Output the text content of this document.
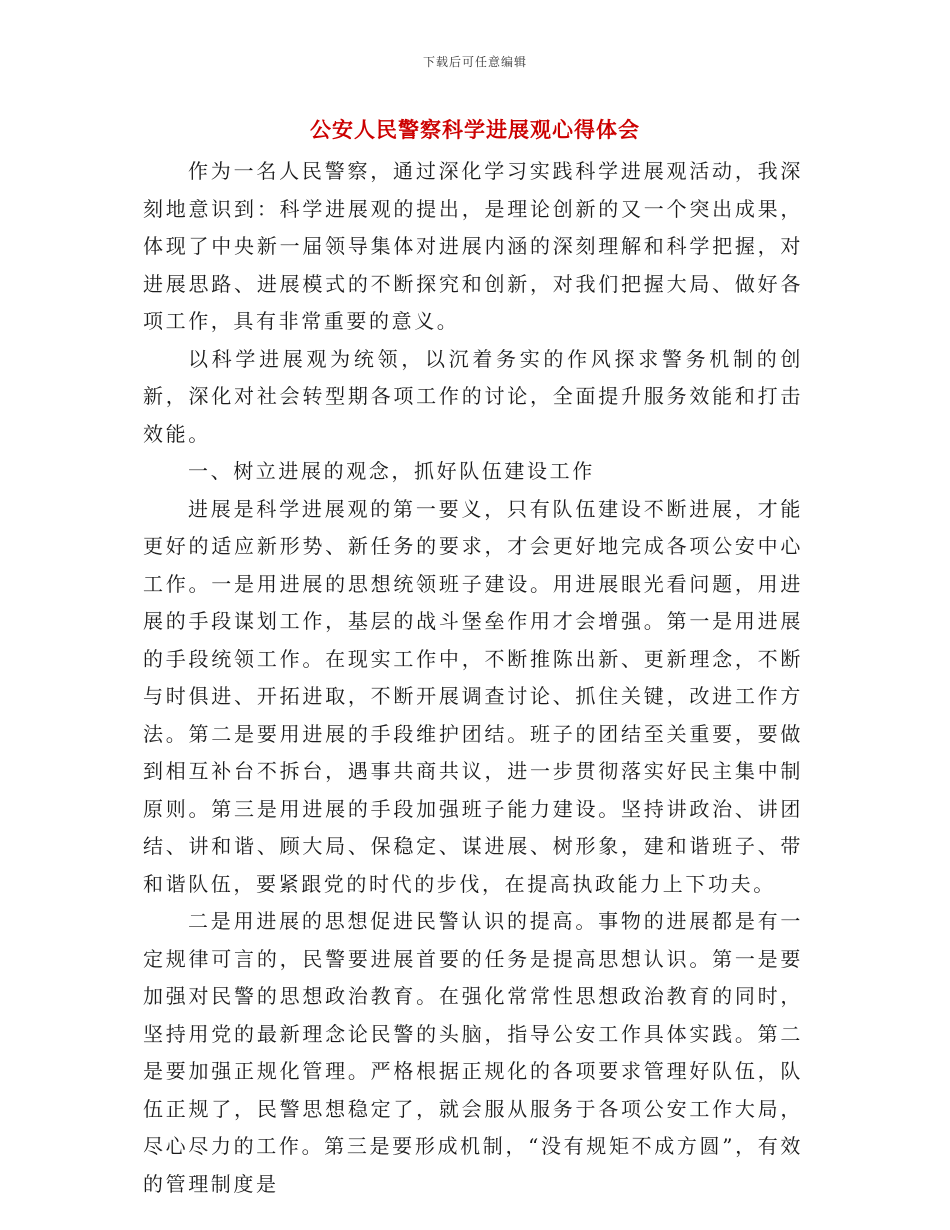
下载后可任意编辑
公安人民警察科学进展观心得体会

作为一名人民警察，通过深化学习实践科学进展观活动，我深刻地意识到：科学进展观的提出，是理论创新的又一个突出成果，体现了中央新一届领导集体对进展内涵的深刻理解和科学把握，对进展思路、进展模式的不断探究和创新，对我们把握大局、做好各项工作，具有非常重要的意义。

以科学进展观为统领，以沉着务实的作风探求警务机制的创新，深化对社会转型期各项工作的讨论，全面提升服务效能和打击效能。

一、树立进展的观念，抓好队伍建设工作

进展是科学进展观的第一要义，只有队伍建设不断进展，才能更好的适应新形势、新任务的要求，才会更好地完成各项公安中心工作。一是用进展的思想统领班子建设。用进展眼光看问题，用进展的手段谋划工作，基层的战斗堡垒作用才会增强。第一是用进展的手段统领工作。在现实工作中，不断推陈出新、更新理念，不断与时俱进、开拓进取，不断开展调查讨论、抓住关键，改进工作方法。第二是要用进展的手段维护团结。班子的团结至关重要，要做到相互补台不拆台，遇事共商共议，进一步贯彻落实好民主集中制原则。第三是用进展的手段加强班子能力建设。坚持讲政治、讲团结、讲和谐、顾大局、保稳定、谋进展、树形象，建和谐班子、带和谐队伍，要紧跟党的时代的步伐，在提高执政能力上下功夫。

二是用进展的思想促进民警认识的提高。事物的进展都是有一定规律可言的，民警要进展首要的任务是提高思想认识。第一是要加强对民警的思想政治教育。在强化常常性思想政治教育的同时，坚持用党的最新理念论民警的头脑，指导公安工作具体实践。第二是要加强正规化管理。严格根据正规化的各项要求管理好队伍，队伍正规了，民警思想稳定了，就会服从服务于各项公安工作大局，尽心尽力的工作。第三是要形成机制，“没有规矩不成方圆”，有效的管理制度是
